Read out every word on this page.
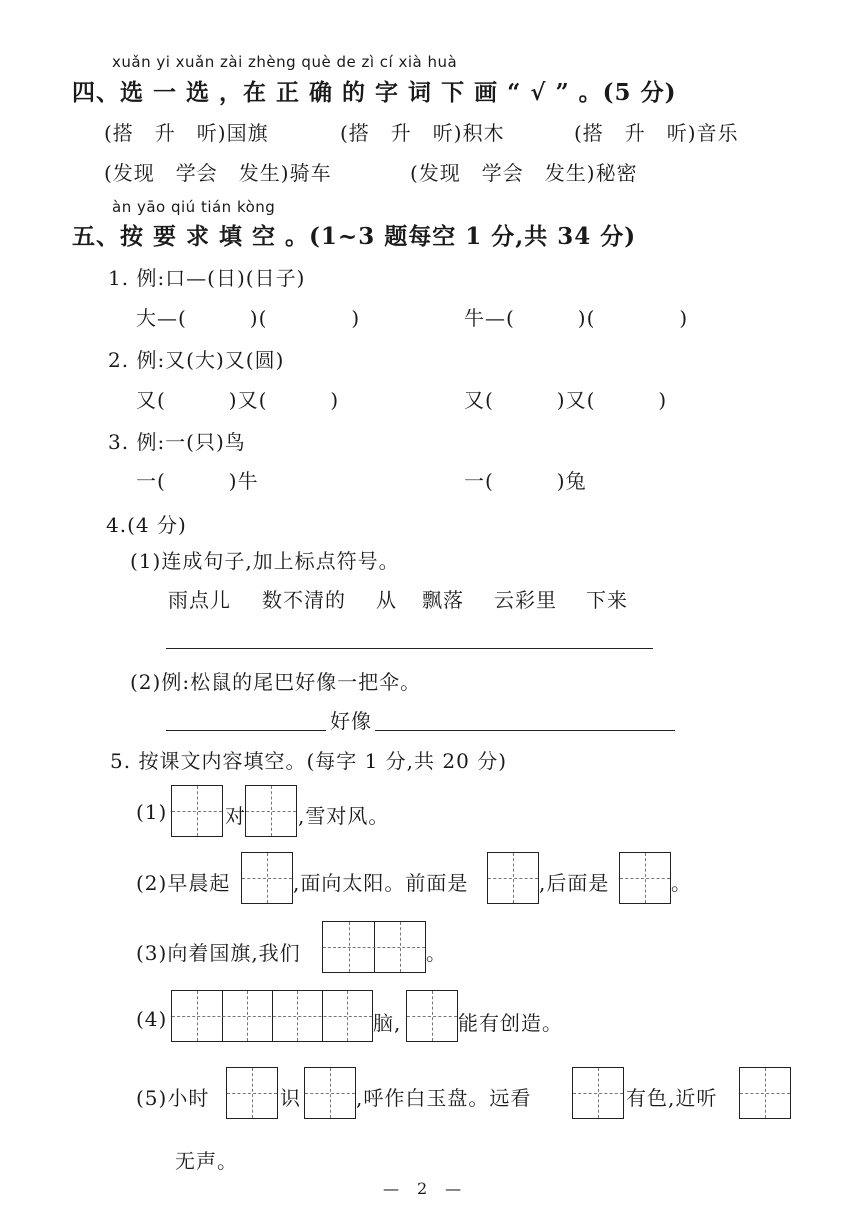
xuǎn yi xuǎn zài zhèng què de zì cí xià huà
四、选 一 选 ，在 正 确 的 字 词 下 画 “ √ ” 。(5 分)
(搭　升　听)国旗	(搭　升　听)积木	(搭　升　听)音乐
(发现　学会　发生)骑车	(发现　学会　发生)秘密
àn yāo qiú tián kòng
五、按 要 求 填 空 。(1~3 题每空 1 分,共 34 分)
1. 例:口—(日)(日子)
大—(　　　)(　　　　)	牛—(　　　)(　　　　)
2. 例:又(大)又(圆)
又(　　　)又(　　　)	又(　　　)又(　　　)
3. 例:一(只)鸟
一(　　　)牛	一(　　　)兔
4.(4 分)
(1)连成句子,加上标点符号。
雨点儿 数不清的 从 飘落 云彩里 下来
(2)例:松鼠的尾巴好像一把伞。
好像
5. 按课文内容填空。(每字 1 分,共 20 分)
(1)	对	,雪对风。
(2)早晨起	,面向太阳。前面是	,后面是	。
(3)向着国旗,我们	。
(4)	脑,	能有创造。
(5)小时	识	,呼作白玉盘。远看	有色,近听
无声。
—　2　—
